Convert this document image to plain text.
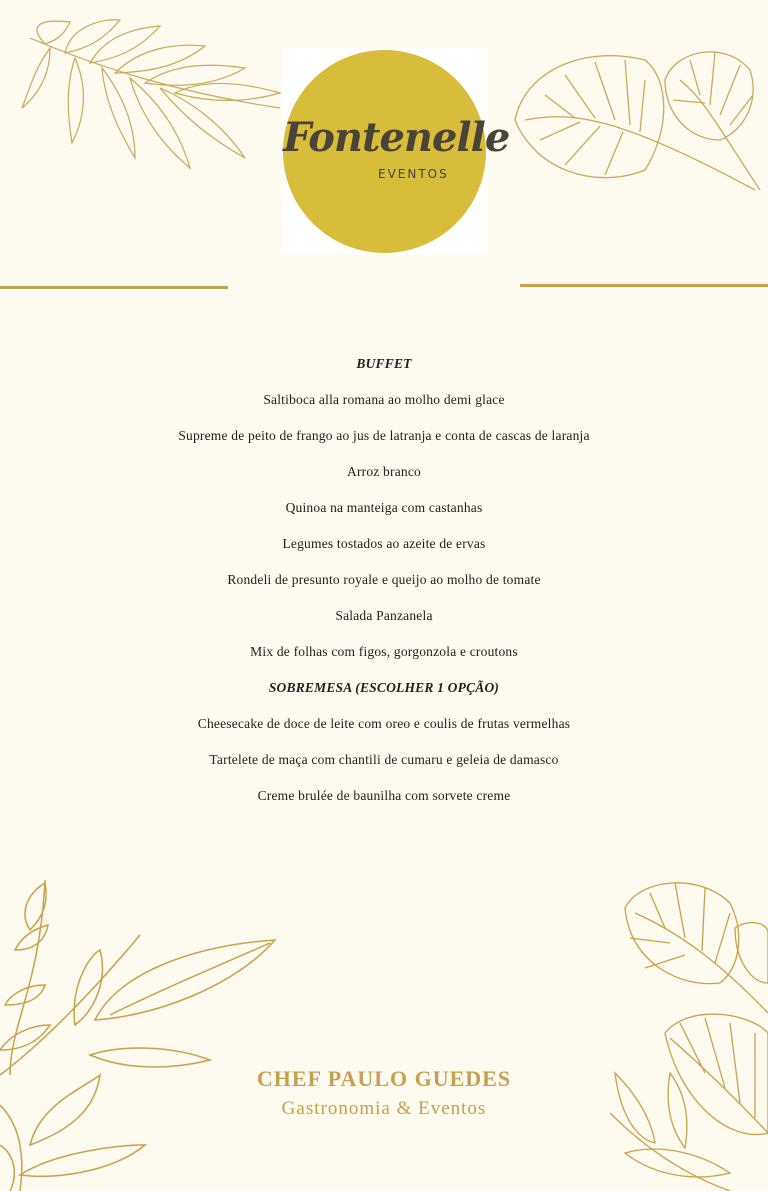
Fontenelle
EVENTOS
BUFFET
Saltiboca alla romana ao molho demi glace
Supreme de peito de frango ao jus de latranja e conta de cascas de laranja
Arroz branco
Quinoa na manteiga com castanhas
Legumes tostados ao azeite de ervas
Rondeli de presunto royale e queijo ao molho de tomate
Salada Panzanela
Mix de folhas com figos, gorgonzola e croutons
SOBREMESA (ESCOLHER 1 OPÇÃO)
Cheesecake de doce de leite com oreo e coulis de frutas vermelhas
Tartelete de maça com chantili de cumaru e geleia de damasco
Creme brulée de baunilha com sorvete creme
CHEF PAULO GUEDES
Gastronomia & Eventos
